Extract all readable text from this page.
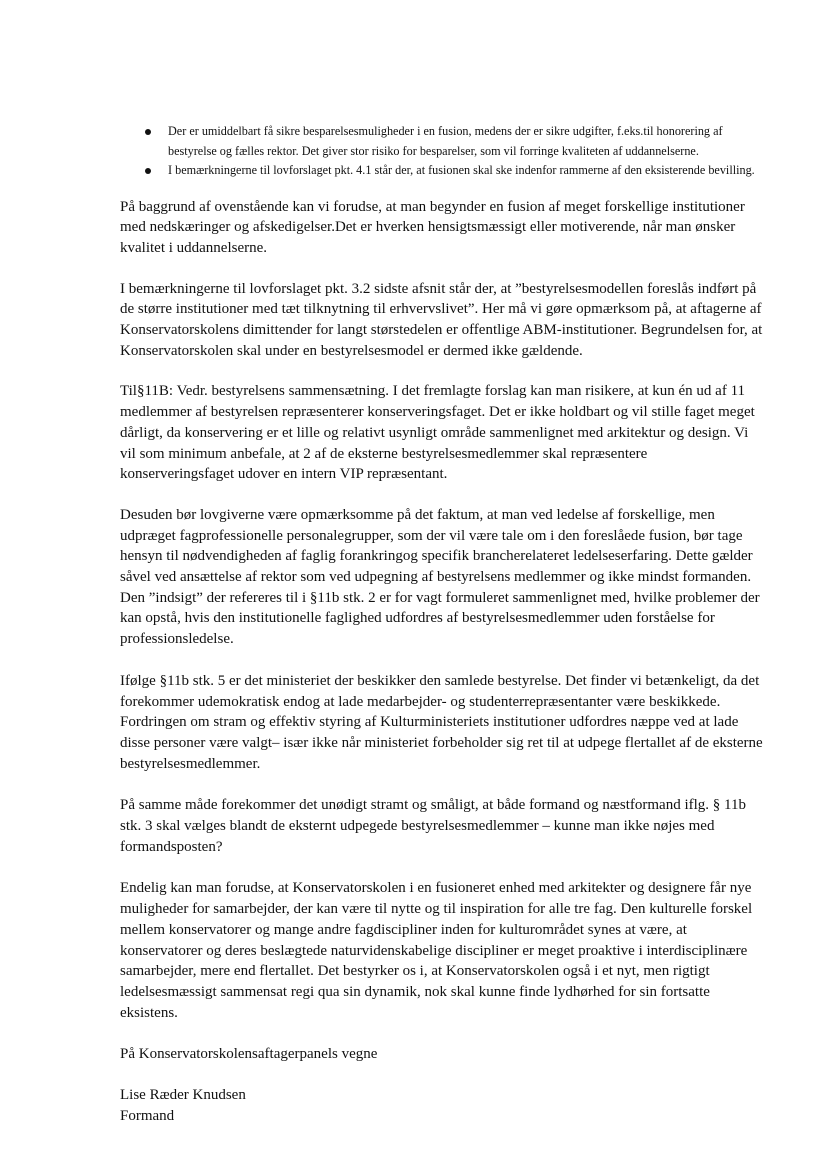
Der er umiddelbart få sikre besparelsesmuligheder i en fusion, medens der er sikre udgifter, f.eks.til honorering af bestyrelse og fælles rektor. Det giver stor risiko for besparelser, som vil forringe kvaliteten af uddannelserne.
I bemærkningerne til lovforslaget pkt. 4.1 står der, at fusionen skal ske indenfor rammerne af den eksisterende bevilling.

På baggrund af ovenstående kan vi forudse, at man begynder en fusion af meget forskellige institutioner med nedskæringer og afskedigelser.Det er hverken hensigtsmæssigt eller motiverende, når man ønsker kvalitet i uddannelserne.

I bemærkningerne til lovforslaget pkt. 3.2 sidste afsnit står der, at ”bestyrelsesmodellen foreslås indført på de større institutioner med tæt tilknytning til erhvervslivet”. Her må vi gøre opmærksom på, at aftagerne af Konservatorskolens dimittender for langt størstedelen er offentlige ABM-institutioner. Begrundelsen for, at Konservatorskolen skal under en bestyrelsesmodel er dermed ikke gældende.

Til§11B: Vedr. bestyrelsens sammensætning. I det fremlagte forslag kan man risikere, at kun én ud af 11 medlemmer af bestyrelsen repræsenterer konserveringsfaget. Det er ikke holdbart og vil stille faget meget dårligt, da konservering er et lille og relativt usynligt område sammenlignet med arkitektur og design. Vi vil som minimum anbefale, at 2 af de eksterne bestyrelsesmedlemmer skal repræsentere konserveringsfaget udover en intern VIP repræsentant.

Desuden bør lovgiverne være opmærksomme på det faktum, at man ved ledelse af forskellige, men udpræget fagprofessionelle personalegrupper, som der vil være tale om i den foreslåede fusion, bør tage hensyn til nødvendigheden af faglig forankringog specifik brancherelateret ledelseserfaring. Dette gælder såvel ved ansættelse af rektor som ved udpegning af bestyrelsens medlemmer og ikke mindst formanden. Den ”indsigt” der refereres til i §11b stk. 2 er for vagt formuleret sammenlignet med, hvilke problemer der kan opstå, hvis den institutionelle faglighed udfordres af bestyrelsesmedlemmer uden forståelse for professionsledelse.

Ifølge §11b stk. 5 er det ministeriet der beskikker den samlede bestyrelse. Det finder vi betænkeligt, da det forekommer udemokratisk endog at lade medarbejder- og studenterrepræsentanter være beskikkede. Fordringen om stram og effektiv styring af Kulturministeriets institutioner udfordres næppe ved at lade disse personer være valgt– især ikke når ministeriet forbeholder sig ret til at udpege flertallet af de eksterne bestyrelsesmedlemmer.

På samme måde forekommer det unødigt stramt og småligt, at både formand og næstformand iflg. § 11b stk. 3 skal vælges blandt de eksternt udpegede bestyrelsesmedlemmer – kunne man ikke nøjes med formandsposten?

Endelig kan man forudse, at Konservatorskolen i en fusioneret enhed med arkitekter og designere får nye muligheder for samarbejder, der kan være til nytte og til inspiration for alle tre fag. Den kulturelle forskel mellem konservatorer og mange andre fagdiscipliner inden for kulturområdet synes at være, at konservatorer og deres beslægtede naturvidenskabelige discipliner er meget proaktive i interdisciplinære samarbejder, mere end flertallet. Det bestyrker os i, at Konservatorskolen også i et nyt, men rigtigt ledelsesmæssigt sammensat regi qua sin dynamik, nok skal kunne finde lydhørhed for sin fortsatte eksistens.

På Konservatorskolensaftagerpanels vegne

Lise Ræder Knudsen

Formand
